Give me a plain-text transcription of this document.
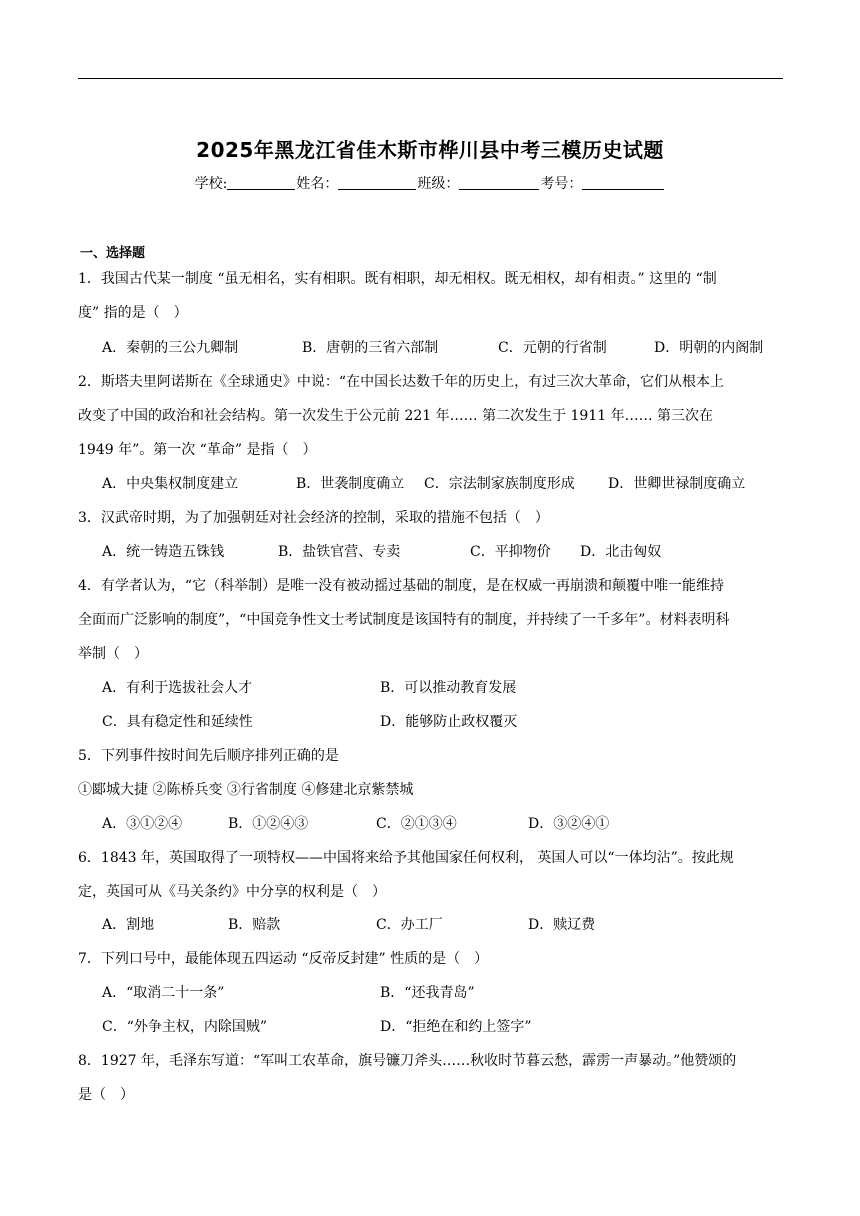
2025年黑龙江省佳木斯市桦川县中考三模历史试题
学校:	姓名：	班级：	考号：
一、选择题
1．我国古代某一制度 “虽无相名，实有相职。既有相职，却无相权。既无相权，却有相责。” 这里的 “制
度” 指的是（　）
A．秦朝的三公九卿制	B．唐朝的三省六部制	C．元朝的行省制	D．明朝的内阁制
2．斯塔夫里阿诺斯在《全球通史》中说：“在中国长达数千年的历史上，有过三次大革命，它们从根本上
改变了中国的政治和社会结构。第一次发生于公元前 221 年…… 第二次发生于 1911 年…… 第三次在
1949 年”。第一次 “革命” 是指（　）
A．中央集权制度建立	B．世袭制度确立 C．宗法制家族制度形成 D．世卿世禄制度确立
3．汉武帝时期，为了加强朝廷对社会经济的控制，采取的措施不包括（　）
A．统一铸造五铢钱	B．盐铁官营、专卖	C．平抑物价 D．北击匈奴
4．有学者认为，“它（科举制）是唯一没有被动摇过基础的制度，是在权威一再崩溃和颠覆中唯一能维持
全面而广泛影响的制度”，“中国竞争性文士考试制度是该国特有的制度，并持续了一千多年”。材料表明科
举制（　）
A．有利于选拔社会人才	B．可以推动教育发展
C．具有稳定性和延续性	D．能够防止政权覆灭
5．下列事件按时间先后顺序排列正确的是
①郾城大捷 ②陈桥兵变 ③行省制度 ④修建北京紫禁城
A．③①②④	B．①②④③	C．②①③④	D．③②④①
6．1843 年，英国取得了一项特权——中国将来给予其他国家任何权利， 英国人可以“一体均沾”。按此规
定，英国可从《马关条约》中分享的权利是（　）
A．割地	B．赔款	C．办工厂	D．赎辽费
7．下列口号中，最能体现五四运动 “反帝反封建” 性质的是（　）
A．“取消二十一条”	B．“还我青岛”
C．“外争主权，内除国贼”	D．“拒绝在和约上签字”
8．1927 年，毛泽东写道：“军叫工农革命，旗号镰刀斧头……秋收时节暮云愁，霹雳一声暴动。”他赞颂的
是（　）
